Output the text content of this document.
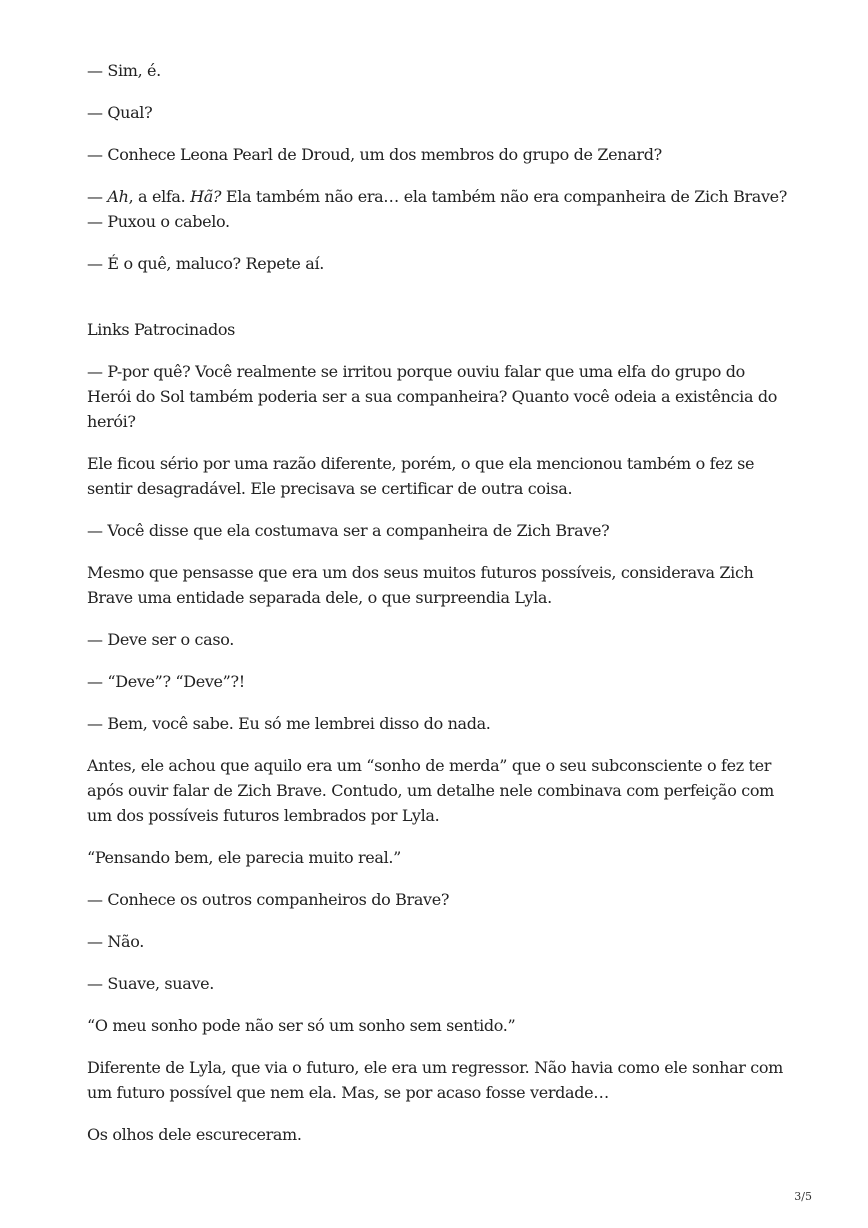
— Sim, é.

— Qual?

— Conhece Leona Pearl de Droud, um dos membros do grupo de Zenard?

— Ah, a elfa. Hã? Ela também não era… ela também não era companheira de Zich Brave? — Puxou o cabelo.

— É o quê, maluco? Repete aí.

Links Patrocinados

— P-por quê? Você realmente se irritou porque ouviu falar que uma elfa do grupo do Herói do Sol também poderia ser a sua companheira? Quanto você odeia a existência do herói?

Ele ficou sério por uma razão diferente, porém, o que ela mencionou também o fez se sentir desagradável. Ele precisava se certificar de outra coisa.

— Você disse que ela costumava ser a companheira de Zich Brave?

Mesmo que pensasse que era um dos seus muitos futuros possíveis, considerava Zich Brave uma entidade separada dele, o que surpreendia Lyla.

— Deve ser o caso.

— “Deve”? “Deve”?!

— Bem, você sabe. Eu só me lembrei disso do nada.

Antes, ele achou que aquilo era um “sonho de merda” que o seu subconsciente o fez ter após ouvir falar de Zich Brave. Contudo, um detalhe nele combinava com perfeição com um dos possíveis futuros lembrados por Lyla.

“Pensando bem, ele parecia muito real.”

— Conhece os outros companheiros do Brave?

— Não.

— Suave, suave.

“O meu sonho pode não ser só um sonho sem sentido.”

Diferente de Lyla, que via o futuro, ele era um regressor. Não havia como ele sonhar com um futuro possível que nem ela. Mas, se por acaso fosse verdade…

Os olhos dele escureceram.

3/5
